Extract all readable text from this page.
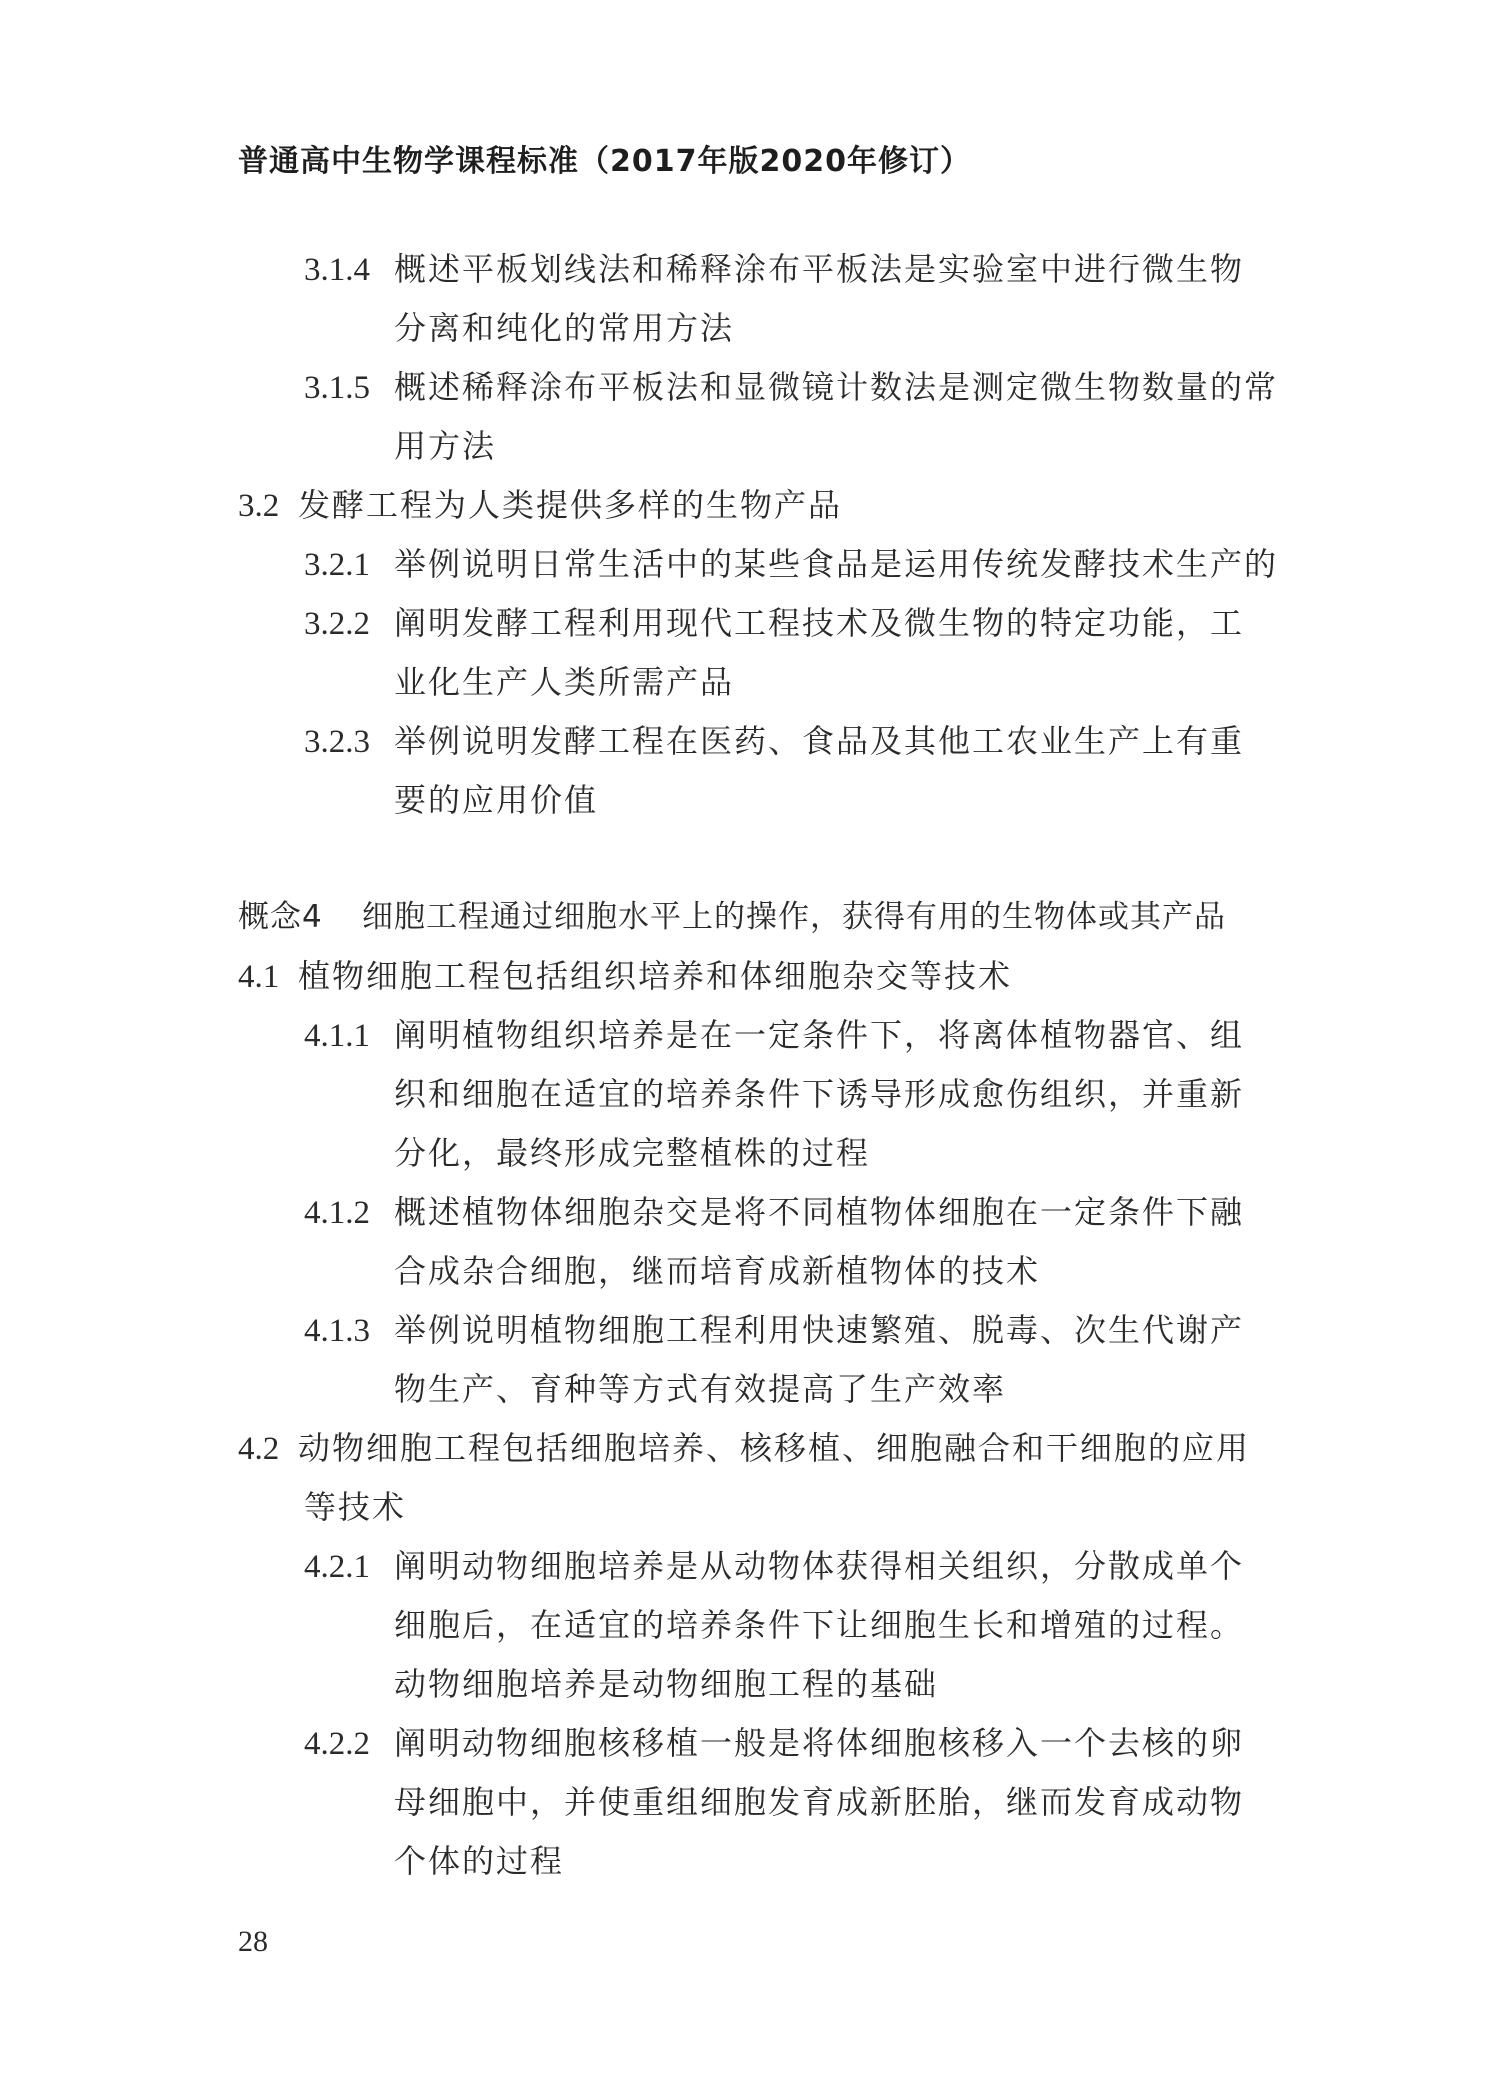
普通高中生物学课程标准（2017年版2020年修订）
3.1.4 概述平板划线法和稀释涂布平板法是实验室中进行微生物
分离和纯化的常用方法
3.1.5 概述稀释涂布平板法和显微镜计数法是测定微生物数量的常
用方法
3.2 发酵工程为人类提供多样的生物产品
3.2.1 举例说明日常生活中的某些食品是运用传统发酵技术生产的
3.2.2 阐明发酵工程利用现代工程技术及微生物的特定功能，工
业化生产人类所需产品
3.2.3 举例说明发酵工程在医药、食品及其他工农业生产上有重
要的应用价值
概念4 细胞工程通过细胞水平上的操作，获得有用的生物体或其产品
4.1 植物细胞工程包括组织培养和体细胞杂交等技术
4.1.1 阐明植物组织培养是在一定条件下，将离体植物器官、组
织和细胞在适宜的培养条件下诱导形成愈伤组织，并重新
分化，最终形成完整植株的过程
4.1.2 概述植物体细胞杂交是将不同植物体细胞在一定条件下融
合成杂合细胞，继而培育成新植物体的技术
4.1.3 举例说明植物细胞工程利用快速繁殖、脱毒、次生代谢产
物生产、育种等方式有效提高了生产效率
4.2 动物细胞工程包括细胞培养、核移植、细胞融合和干细胞的应用
等技术
4.2.1 阐明动物细胞培养是从动物体获得相关组织，分散成单个
细胞后，在适宜的培养条件下让细胞生长和增殖的过程。
动物细胞培养是动物细胞工程的基础
4.2.2 阐明动物细胞核移植一般是将体细胞核移入一个去核的卵
母细胞中，并使重组细胞发育成新胚胎，继而发育成动物
个体的过程
28
